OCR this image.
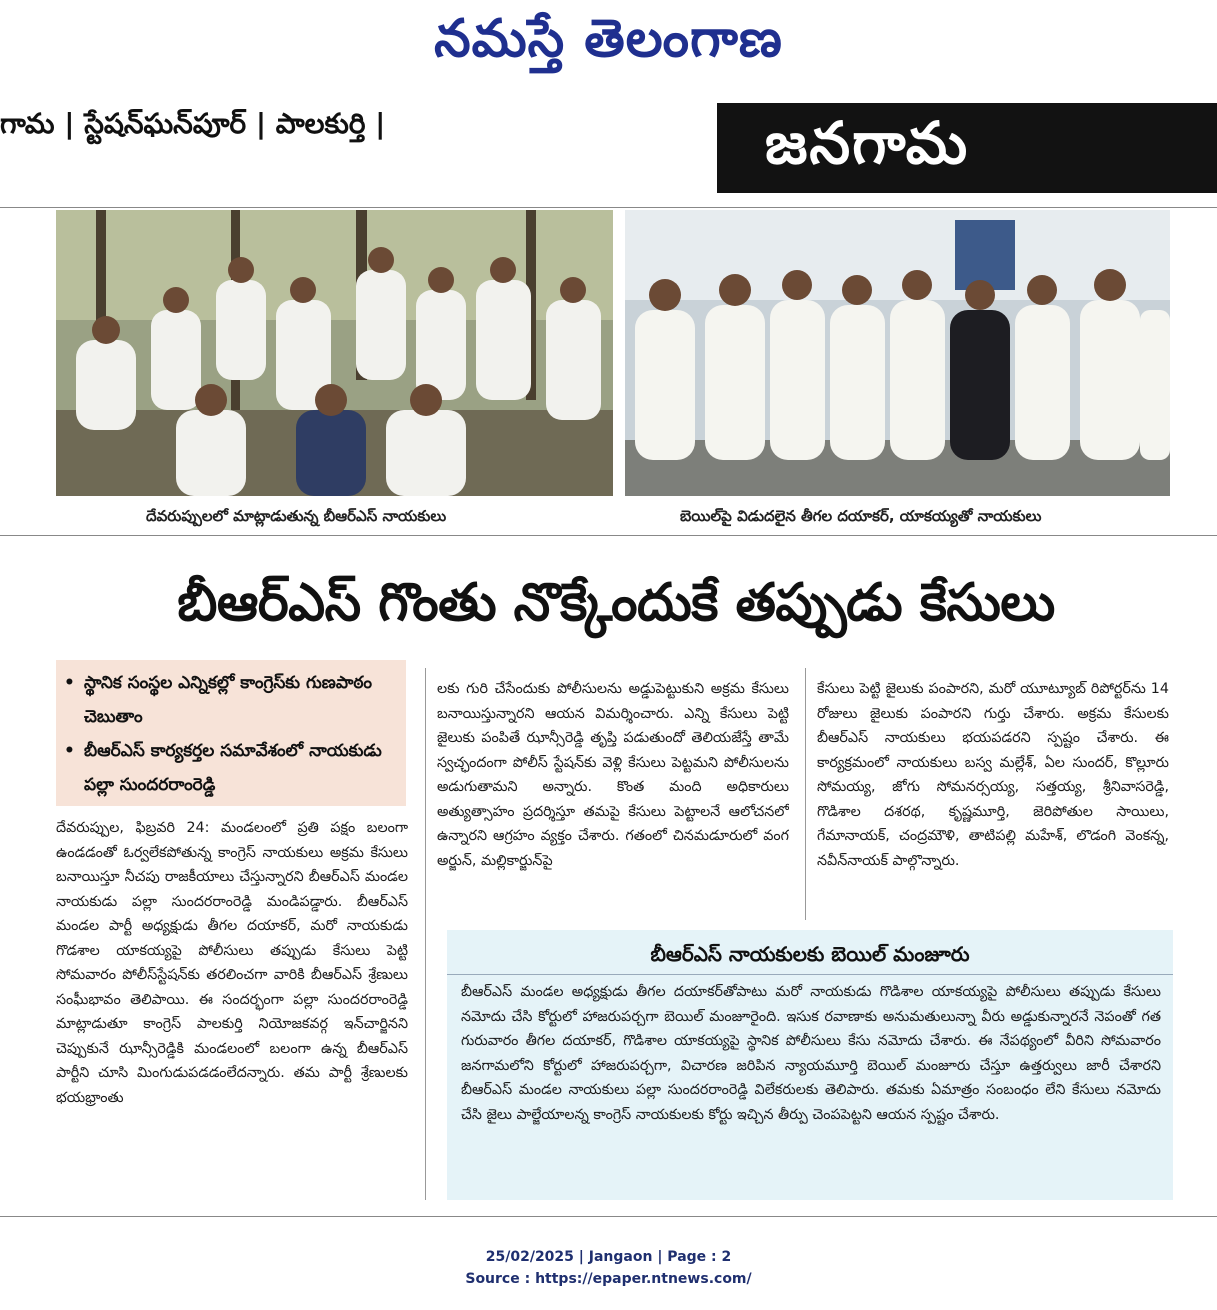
నమస్తే తెలంగాణ
గామ | స్టేషన్‌ఘన్‌పూర్ | పాలకుర్తి |	జనగామ
దేవరుప్పులలో మాట్లాడుతున్న బీఆర్‌ఎస్ నాయకులు	బెయిల్‌పై విడుదలైన తీగల దయాకర్, యాకయ్యతో నాయకులు
బీఆర్‌ఎస్ గొంతు నొక్కేందుకే తప్పుడు కేసులు
• స్థానిక సంస్థల ఎన్నికల్లో కాంగ్రెస్‌కు గుణపాఠం చెబుతాం
• బీఆర్‌ఎస్ కార్యకర్తల సమావేశంలో నాయకుడు పల్లా సుందరరాంరెడ్డి

దేవరుప్పుల, ఫిబ్రవరి 24: మండలంలో ప్రతి పక్షం బలంగా ఉండడంతో ఓర్వలేకపోతున్న కాంగ్రెస్ నాయకులు అక్రమ కేసులు బనాయిస్తూ నీచపు రాజకీయాలు చేస్తున్నారని బీఆర్‌ఎస్ మండల నాయకుడు పల్లా సుందరరాంరెడ్డి మండిపడ్డారు. బీఆర్‌ఎస్ మండల పార్టీ అధ్యక్షుడు తీగల దయాకర్, మరో నాయకుడు గొడశాల యాకయ్యపై పోలీసులు తప్పుడు కేసులు పెట్టి సోమవారం పోలీస్‌స్టేషన్‌కు తరలించగా వారికి బీఆర్‌ఎస్ శ్రేణులు సంఘీభావం తెలిపాయి. ఈ సందర్భంగా పల్లా సుందరరాంరెడ్డి మాట్లాడుతూ కాంగ్రెస్ పాలకుర్తి నియోజకవర్గ ఇన్‌చార్జినని చెప్పుకునే ఝాన్సీరెడ్డికి మండలంలో బలంగా ఉన్న బీఆర్‌ఎస్ పార్టీని చూసి మింగుడుపడడంలేదన్నారు. తమ పార్టీ శ్రేణులకు భయభ్రాంతు

లకు గురి చేసేందుకు పోలీసులను అడ్డుపెట్టుకుని అక్రమ కేసులు బనాయిస్తున్నారని ఆయన విమర్శించారు. ఎన్ని కేసులు పెట్టి జైలుకు పంపితే ఝాన్సీరెడ్డి తృప్తి పడుతుందో తెలియజేస్తే తామే స్వచ్ఛందంగా పోలీస్ స్టేషన్‌కు వెళ్లి కేసులు పెట్టమని పోలీసులను అడుగుతామని అన్నారు. కొంత మంది అధికారులు అత్యుత్సాహం ప్రదర్శిస్తూ తమపై కేసులు పెట్టాలనే ఆలోచనలో ఉన్నారని ఆగ్రహం వ్యక్తం చేశారు. గతంలో చినమడూరులో వంగ అర్జున్, మల్లికార్జున్‌పై

కేసులు పెట్టి జైలుకు పంపారని, మరో యూట్యూబ్ రిపోర్టర్‌ను 14 రోజులు జైలుకు పంపారని గుర్తు చేశారు. అక్రమ కేసులకు బీఆర్‌ఎస్ నాయకులు భయపడరని స్పష్టం చేశారు. ఈ కార్యక్రమంలో నాయకులు బస్వ మల్లేశ్, ఏల సుందర్, కొల్లూరు సోమయ్య, జోగు సోమనర్సయ్య, సత్తయ్య, శ్రీనివాసరెడ్డి, గొడిశాల దశరథ, కృష్ణమూర్తి, జెరిపోతుల సాయిలు, గేమానాయక్, చంద్రమౌళి, తాటిపల్లి మహేశ్, లొడంగి వెంకన్న, నవీన్‌నాయక్ పాల్గొన్నారు.

బీఆర్‌ఎస్ నాయకులకు బెయిల్ మంజూరు
బీఆర్‌ఎస్ మండల అధ్యక్షుడు తీగల దయాకర్‌తోపాటు మరో నాయకుడు గొడిశాల యాకయ్యపై పోలీసులు తప్పుడు కేసులు నమోదు చేసి కోర్టులో హాజరుపర్చగా బెయిల్ మంజూరైంది. ఇసుక రవాణాకు అనుమతులున్నా వీరు అడ్డుకున్నారనే నెపంతో గత గురువారం తీగల దయాకర్, గొడిశాల యాకయ్యపై స్థానిక పోలీసులు కేసు నమోదు చేశారు. ఈ నేపథ్యంలో వీరిని సోమవారం జనగామలోని కోర్టులో హాజరుపర్చగా, విచారణ జరిపిన న్యాయమూర్తి బెయిల్ మంజూరు చేస్తూ ఉత్తర్వులు జారీ చేశారని బీఆర్‌ఎస్ మండల నాయకులు పల్లా సుందరరాంరెడ్డి విలేకరులకు తెలిపారు. తమకు ఏమాత్రం సంబంధం లేని కేసులు నమోదు చేసి జైలు పాల్జేయాలన్న కాంగ్రెస్ నాయకులకు కోర్టు ఇచ్చిన తీర్పు చెంపపెట్టని ఆయన స్పష్టం చేశారు.
25/02/2025 | Jangaon | Page : 2
Source : https://epaper.ntnews.com/
